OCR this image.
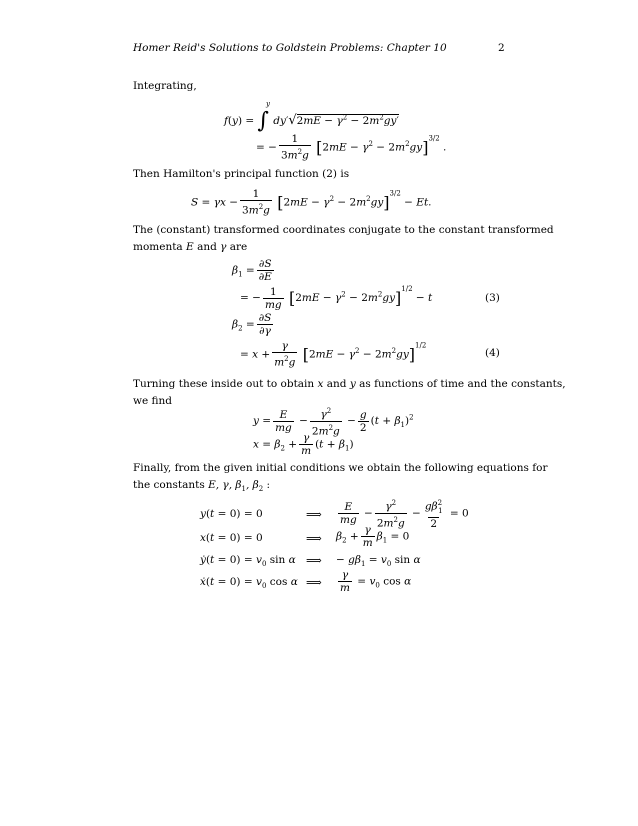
Homer Reid's Solutions to Goldstein Problems: Chapter 10	2
Integrating,
f(y) = ∫$^y$ $dy'√2mE - \gamma^2 - 2m^2gy'$
= − $\frac{1}{3m^2g} [2mE - \gamma^2 - 2m^2gy]^{3/2}$ .
Then Hamilton's principal function (2) is
$S = \gamma x - \frac{1}{3m^2g} [2mE - \gamma^2 - 2m^2gy]^{3/2} - Et$.
The (constant) transformed coordinates conjugate to the constant transformed
momenta E and γ are
$\beta_1 = \frac{\partial S}{\partial E}$
= − $\frac{1}{mg} [2mE - \gamma^2 - 2m^2gy]^{1/2} - t$	(3)
$\beta_2 = \frac{\partial S}{\partial\gamma}$
= $x + \frac{\gamma}{m^2g} [2mE - \gamma^2 - 2m^2gy]^{1/2}$
(4)
Turning these inside out to obtain x and y as functions of time and the constants,
we find
$y = \frac{E}{mg} - \frac{\gamma^2}{2m^2g} - \frac{g}{2} (t + \beta_1)^2$
$x = \beta_2 + \frac{\gamma}{m} (t + \beta_1)$
Finally, from the given initial conditions we obtain the following equations for
the constants E, γ, $\beta_1$, $\beta_2$ :
y(t = 0) = 0	⟹ $\frac{E}{mg} - \frac{\gamma^2}{2m^2g} - \frac{g\beta^2_1}{2} = 0$
x(t = 0) = 0	⟹ $\beta_2 + \frac{\gamma}{m} \beta_1 = 0$
ẏ(t = $0) = v_0$ sin α ⟹ − $g\beta_1 = v_0$ sin α
ẋ(t = $0) = v_0$ cos α ⟹ $\frac{\gamma}{m} = v_0$ cos α
